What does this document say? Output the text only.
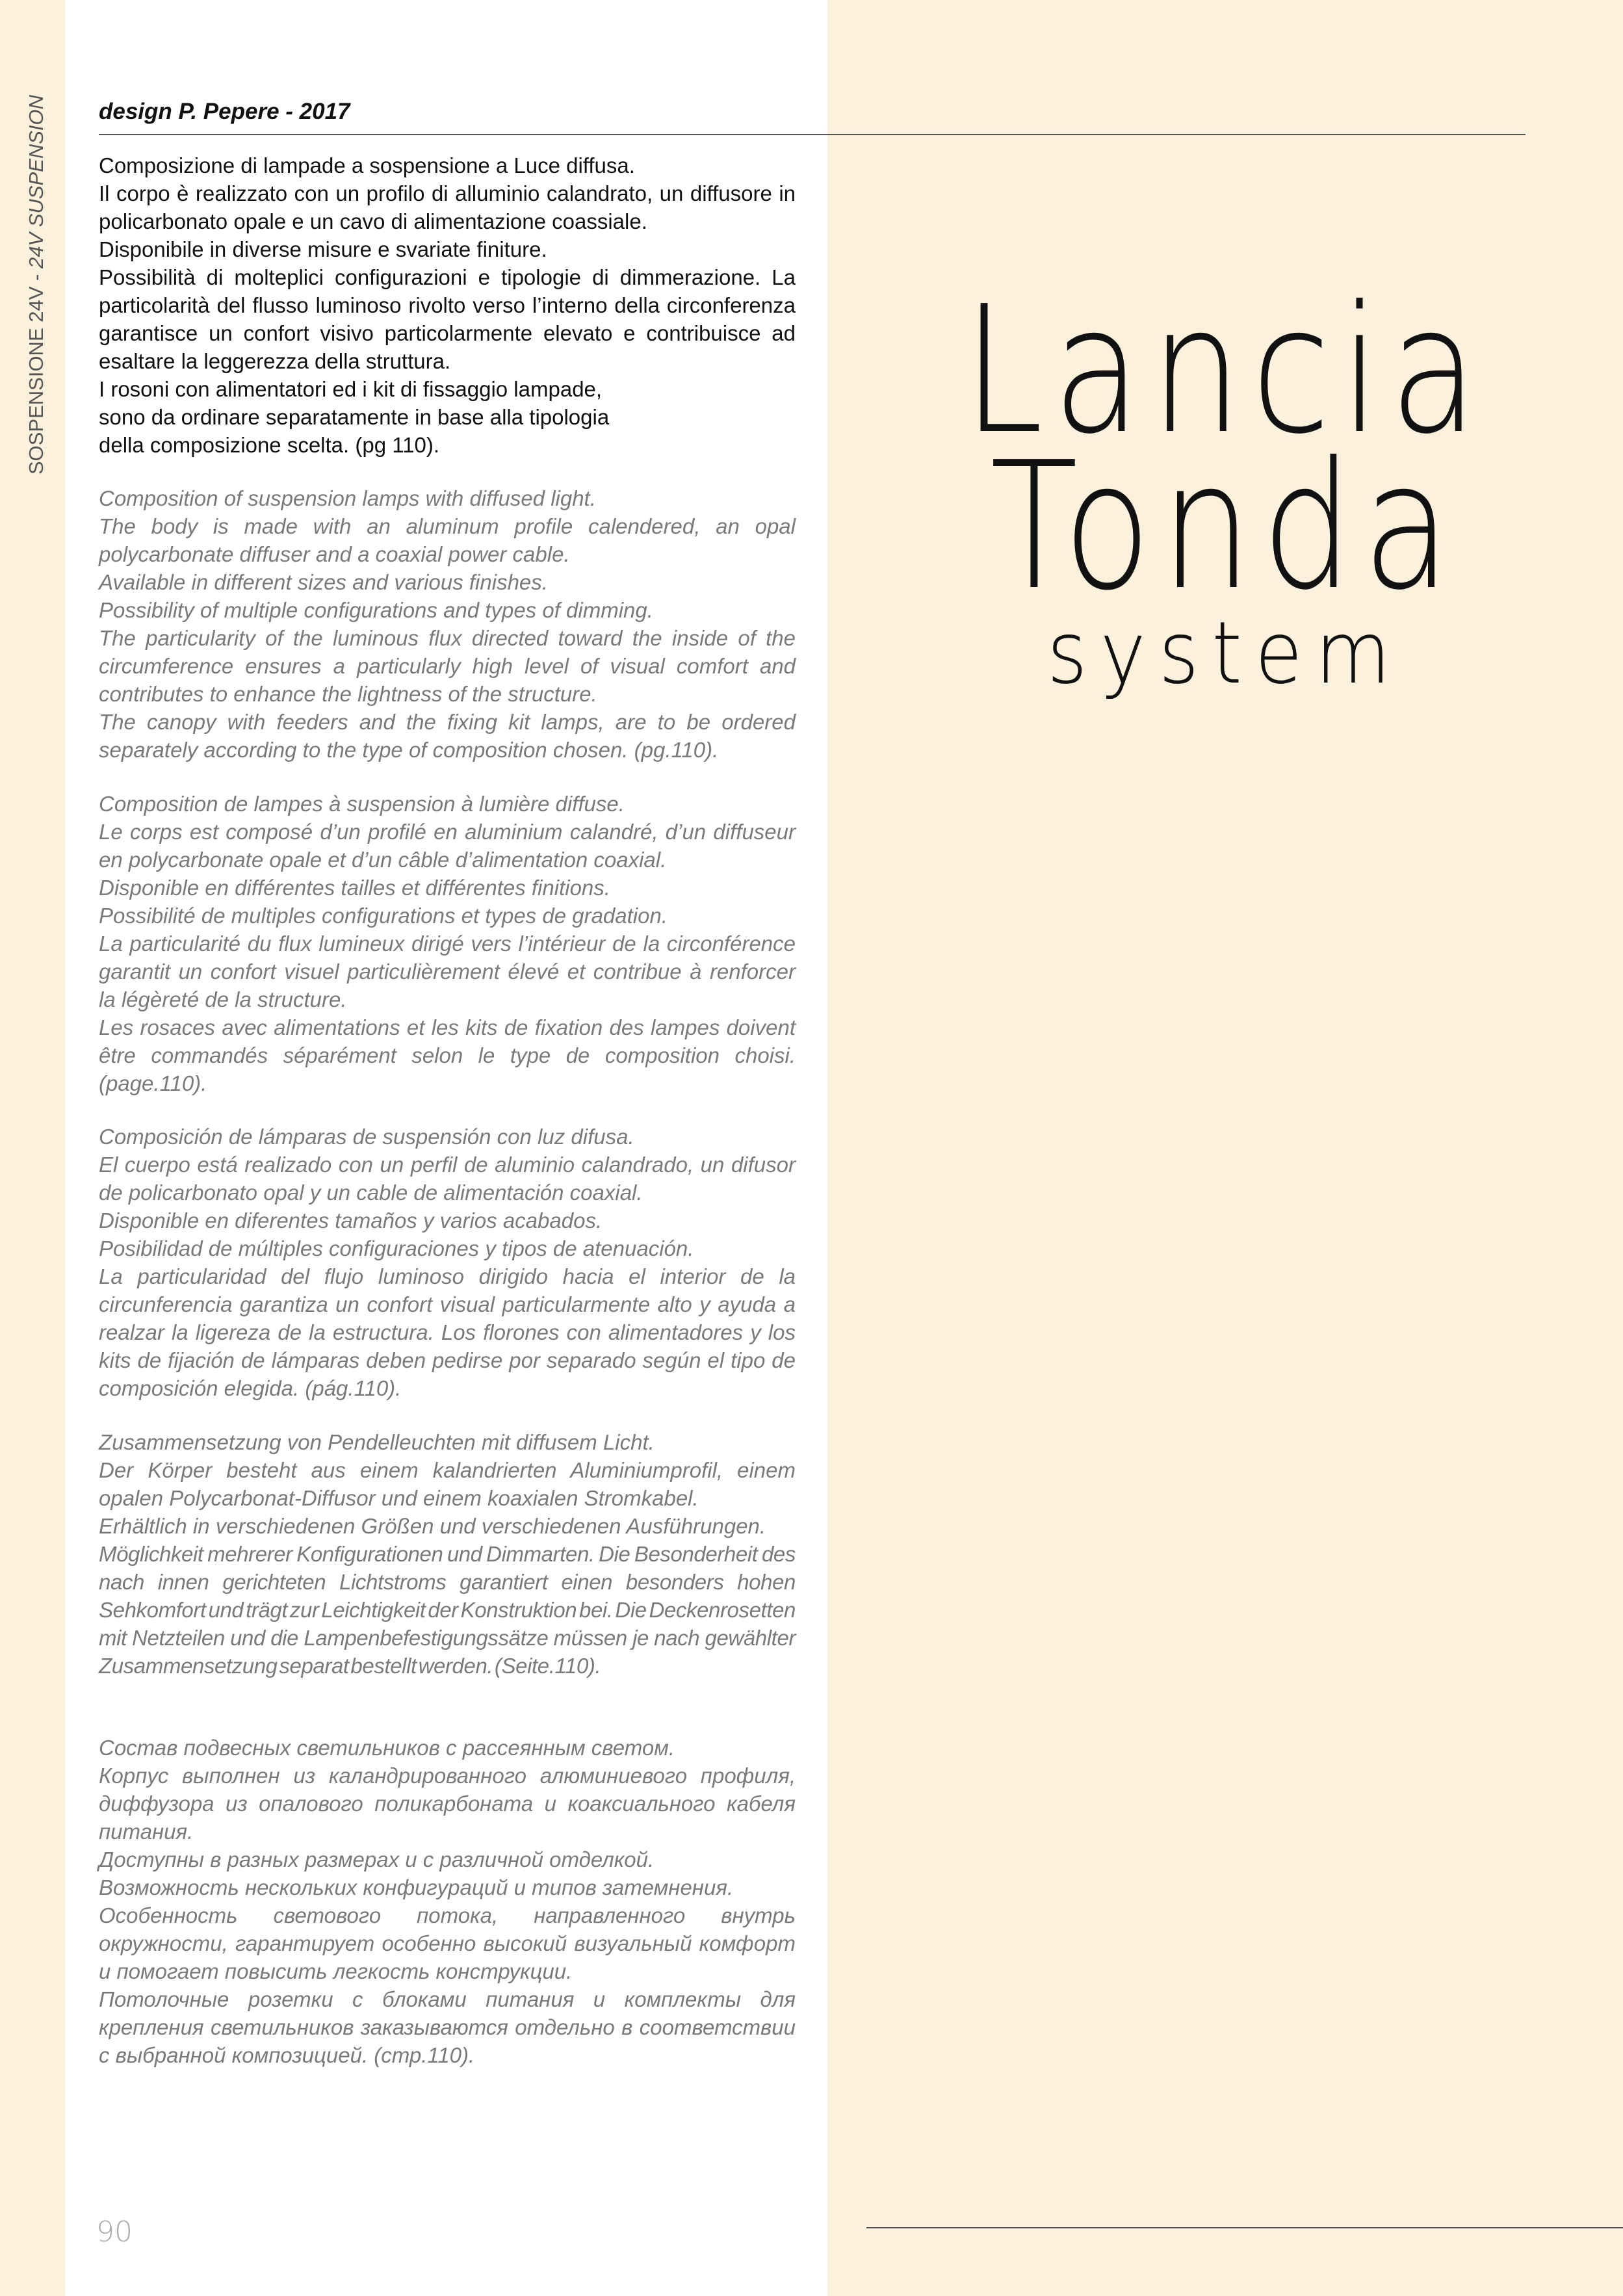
SOSPENSIONE 24V - 24V SUSPENSION design P. Pepere - 2017

Composizione di lampade a sospensione a Luce diffusa.

Il corpo è realizzato con un profilo di alluminio calandrato, un diffusore in policarbonato opale e un cavo di alimentazione coassiale.

Disponibile in diverse misure e svariate finiture.

Possibilità di molteplici configurazioni e tipologie di dimmerazione. La particolarità del flusso luminoso rivolto verso l’interno della circonferenza garantisce un confort visivo particolarmente elevato e contribuisce ad esaltare la leggerezza della struttura.

I rosoni con alimentatori ed i kit di fissaggio lampade,

sono da ordinare separatamente in base alla tipologia

della composizione scelta. (pg 110).

Composition of suspension lamps with diffused light.

The body is made with an aluminum profile calendered, an opal polycarbonate diffuser and a coaxial power cable.

Available in different sizes and various finishes.

Possibility of multiple configurations and types of dimming.

The particularity of the luminous flux directed toward the inside of the circumference ensures a particularly high level of visual comfort and contributes to enhance the lightness of the structure.

The canopy with feeders and the fixing kit lamps, are to be ordered separately according to the type of composition chosen. (pg.110).

Composition de lampes à suspension à lumière diffuse.

Le corps est composé d’un profilé en aluminium calandré, d’un diffuseur en polycarbonate opale et d’un câble d’alimentation coaxial.

Disponible en différentes tailles et différentes finitions.

Possibilité de multiples configurations et types de gradation.

La particularité du flux lumineux dirigé vers l’intérieur de la circonférence garantit un confort visuel particulièrement élevé et contribue à renforcer la légèreté de la structure.

Les rosaces avec alimentations et les kits de fixation des lampes doivent être commandés séparément selon le type de composition choisi. (page.110).

Composición de lámparas de suspensión con luz difusa.

El cuerpo está realizado con un perfil de aluminio calandrado, un difusor de policarbonato opal y un cable de alimentación coaxial.

Disponible en diferentes tamaños y varios acabados.

Posibilidad de múltiples configuraciones y tipos de atenuación.

La particularidad del flujo luminoso dirigido hacia el interior de la circunferencia garantiza un confort visual particularmente alto y ayuda a realzar la ligereza de la estructura. Los florones con alimentadores y los kits de fijación de lámparas deben pedirse por separado según el tipo de composición elegida. (pág.110).

Zusammensetzung von Pendelleuchten mit diffusem Licht.

Der Körper besteht aus einem kalandrierten Aluminiumprofil, einem opalen Polycarbonat-Diffusor und einem koaxialen Stromkabel.

Erhältlich in verschiedenen Größen und verschiedenen Ausführungen.

Möglichkeit mehrerer Konfigurationen und Dimmarten. Die Besonderheit des nach innen gerichteten Lichtstroms garantiert einen besonders hohen Sehkomfort und trägt zur Leichtigkeit der Konstruktion bei. Die Deckenrosetten mit Netzteilen und die Lampenbefestigungssätze müssen je nach gewählter Zusammensetzung separat bestellt werden. (Seite.110).

Состав подвесных светильников с рассеянным светом.

Корпус выполнен из каландрированного алюминиевого профиля, диффузора из опалового поликарбоната и коаксиального кабеля питания.

Доступны в разных размерах и с различной отделкой.

Возможность нескольких конфигураций и типов затемнения.

Особенность светового потока, направленного внутрь окружности, гарантирует особенно высокий визуальный комфорт и помогает повысить легкость конструкции.

Потолочные розетки с блоками питания и комплекты для крепления светильников заказываются отдельно в соответствии с выбранной композицией. (стр.110).

Lancia
Tonda
system
90
